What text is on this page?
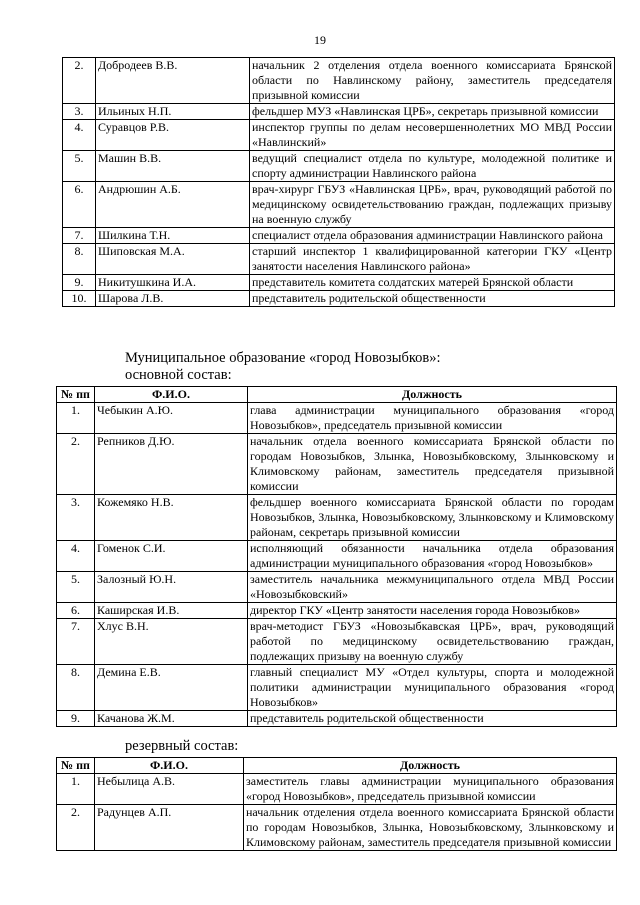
19
2.	Добродеев В.В.	начальник 2 отделения отдела военного комиссариата Брянской области по Навлинскому району, заместитель председателя призывной комиссии
3.	Ильиных Н.П.	фельдшер МУЗ «Навлинская ЦРБ», секретарь призывной комиссии
4.	Суравцов Р.В.	инспектор группы по делам несовершеннолетних МО МВД России «Навлинский»
5.	Машин В.В.	ведущий специалист отдела по культуре, молодежной политике и спорту администрации Навлинского района
6.	Андрюшин А.Б.	врач-хирург ГБУЗ «Навлинская ЦРБ», врач, руководящий работой по медицинскому освидетельствованию граждан, подлежащих призыву на военную службу
7.	Шилкина Т.Н.	специалист отдела образования администрации Навлинского района
8.	Шиповская М.А.	старший инспектор 1 квалифицированной категории ГКУ «Центр занятости населения Навлинского района»
9.	Никитушкина И.А.	представитель комитета солдатских матерей Брянской области
10.	Шарова Л.В.	представитель родительской общественности
Муниципальное образование «город Новозыбков»:
основной состав:
№ пп	Ф.И.О.	Должность
1.	Чебыкин А.Ю.	глава администрации муниципального образования «город Новозыбков», председатель призывной комиссии
2.	Репников Д.Ю.	начальник отдела военного комиссариата Брянской области по городам Новозыбков, Злынка, Новозыбковскому, Злынковскому и Климовскому районам, заместитель председателя призывной комиссии
3.	Кожемяко Н.В.	фельдшер военного комиссариата Брянской области по городам Новозыбков, Злынка, Новозыбковскому, Злынковскому и Климовскому районам, секретарь призывной комиссии
4.	Гоменок С.И.	исполняющий обязанности начальника отдела образования администрации муниципального образования «город Новозыбков»
5.	Залозный Ю.Н.	заместитель начальника межмуниципального отдела МВД России «Новозыбковский»
6.	Каширская И.В.	директор ГКУ «Центр занятости населения города Новозыбков»
7.	Хлус В.Н.	врач-методист ГБУЗ «Новозыбкавская ЦРБ», врач, руководящий работой по медицинскому освидетельствованию граждан, подлежащих призыву на военную службу
8.	Демина Е.В.	главный специалист МУ «Отдел культуры, спорта и молодежной политики администрации муниципального образования «город Новозыбков»
9.	Качанова Ж.М.	представитель родительской общественности
резервный состав:
№ пп	Ф.И.О.	Должность
1.	Небылица А.В.	заместитель главы администрации муниципального образования «город Новозыбков», председатель призывной комиссии
2.	Радунцев А.П.	начальник отделения отдела военного комиссариата Брянской области по городам Новозыбков, Злынка, Новозыбковскому, Злынковскому и Климовскому районам, заместитель председателя призывной комиссии
